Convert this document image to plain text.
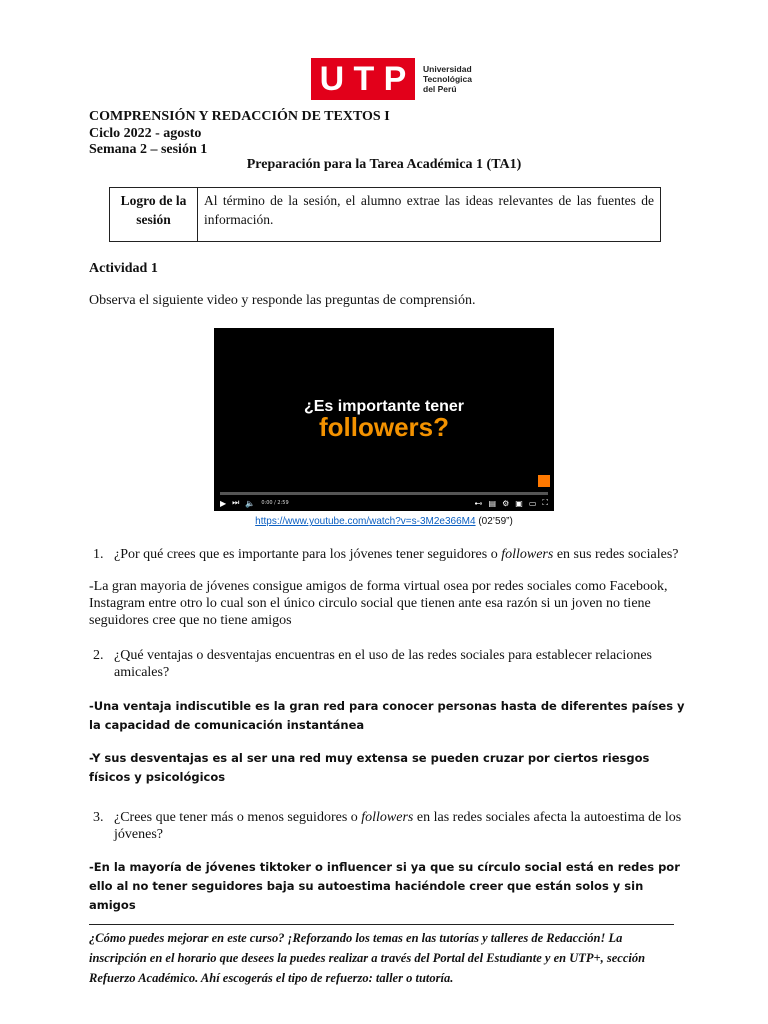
U T P Universidad
Tecnológica
del Perú
COMPRENSIÓN Y REDACCIÓN DE TEXTOS I
Ciclo 2022 - agosto
Semana 2 – sesión 1
Preparación para la Tarea Académica 1 (TA1)
Logro de la
sesión
Al término de la sesión, el alumno extrae las ideas relevantes de las fuentes de información.
Actividad 1
Observa el siguiente video y responde las preguntas de comprensión.
¿Es importante tener
followers?
▶ ⏭ 🔈 0:00 / 2:59	⊷ ▤ ⚙ ▣ ▭ ⛶
https://www.youtube.com/watch?v=s-3M2e366M4 (02’59”)
1. ¿Por qué crees que es importante para los jóvenes tener seguidores o followers en sus redes sociales?
-La gran mayoria de jóvenes consigue amigos de forma virtual osea por redes sociales como Facebook, Instagram entre otro lo cual son el único circulo social que tienen ante esa razón si un joven no tiene seguidores cree que no tiene amigos
2. ¿Qué ventajas o desventajas encuentras en el uso de las redes sociales para establecer relaciones amicales?
-Una ventaja indiscutible es la gran red para conocer personas hasta de diferentes países y la capacidad de comunicación instantánea
-Y sus desventajas es al ser una red muy extensa se pueden cruzar por ciertos riesgos físicos y psicológicos
3. ¿Crees que tener más o menos seguidores o followers en las redes sociales afecta la autoestima de los jóvenes?
-En la mayoría de jóvenes tiktoker o influencer si ya que su círculo social está en redes por ello al no tener seguidores baja su autoestima haciéndole creer que están solos y sin amigos
¿Cómo puedes mejorar en este curso? ¡Reforzando los temas en las tutorías y talleres de Redacción! La inscripción en el horario que desees la puedes realizar a través del Portal del Estudiante y en UTP+, sección Refuerzo Académico. Ahí escogerás el tipo de refuerzo: taller o tutoría.
